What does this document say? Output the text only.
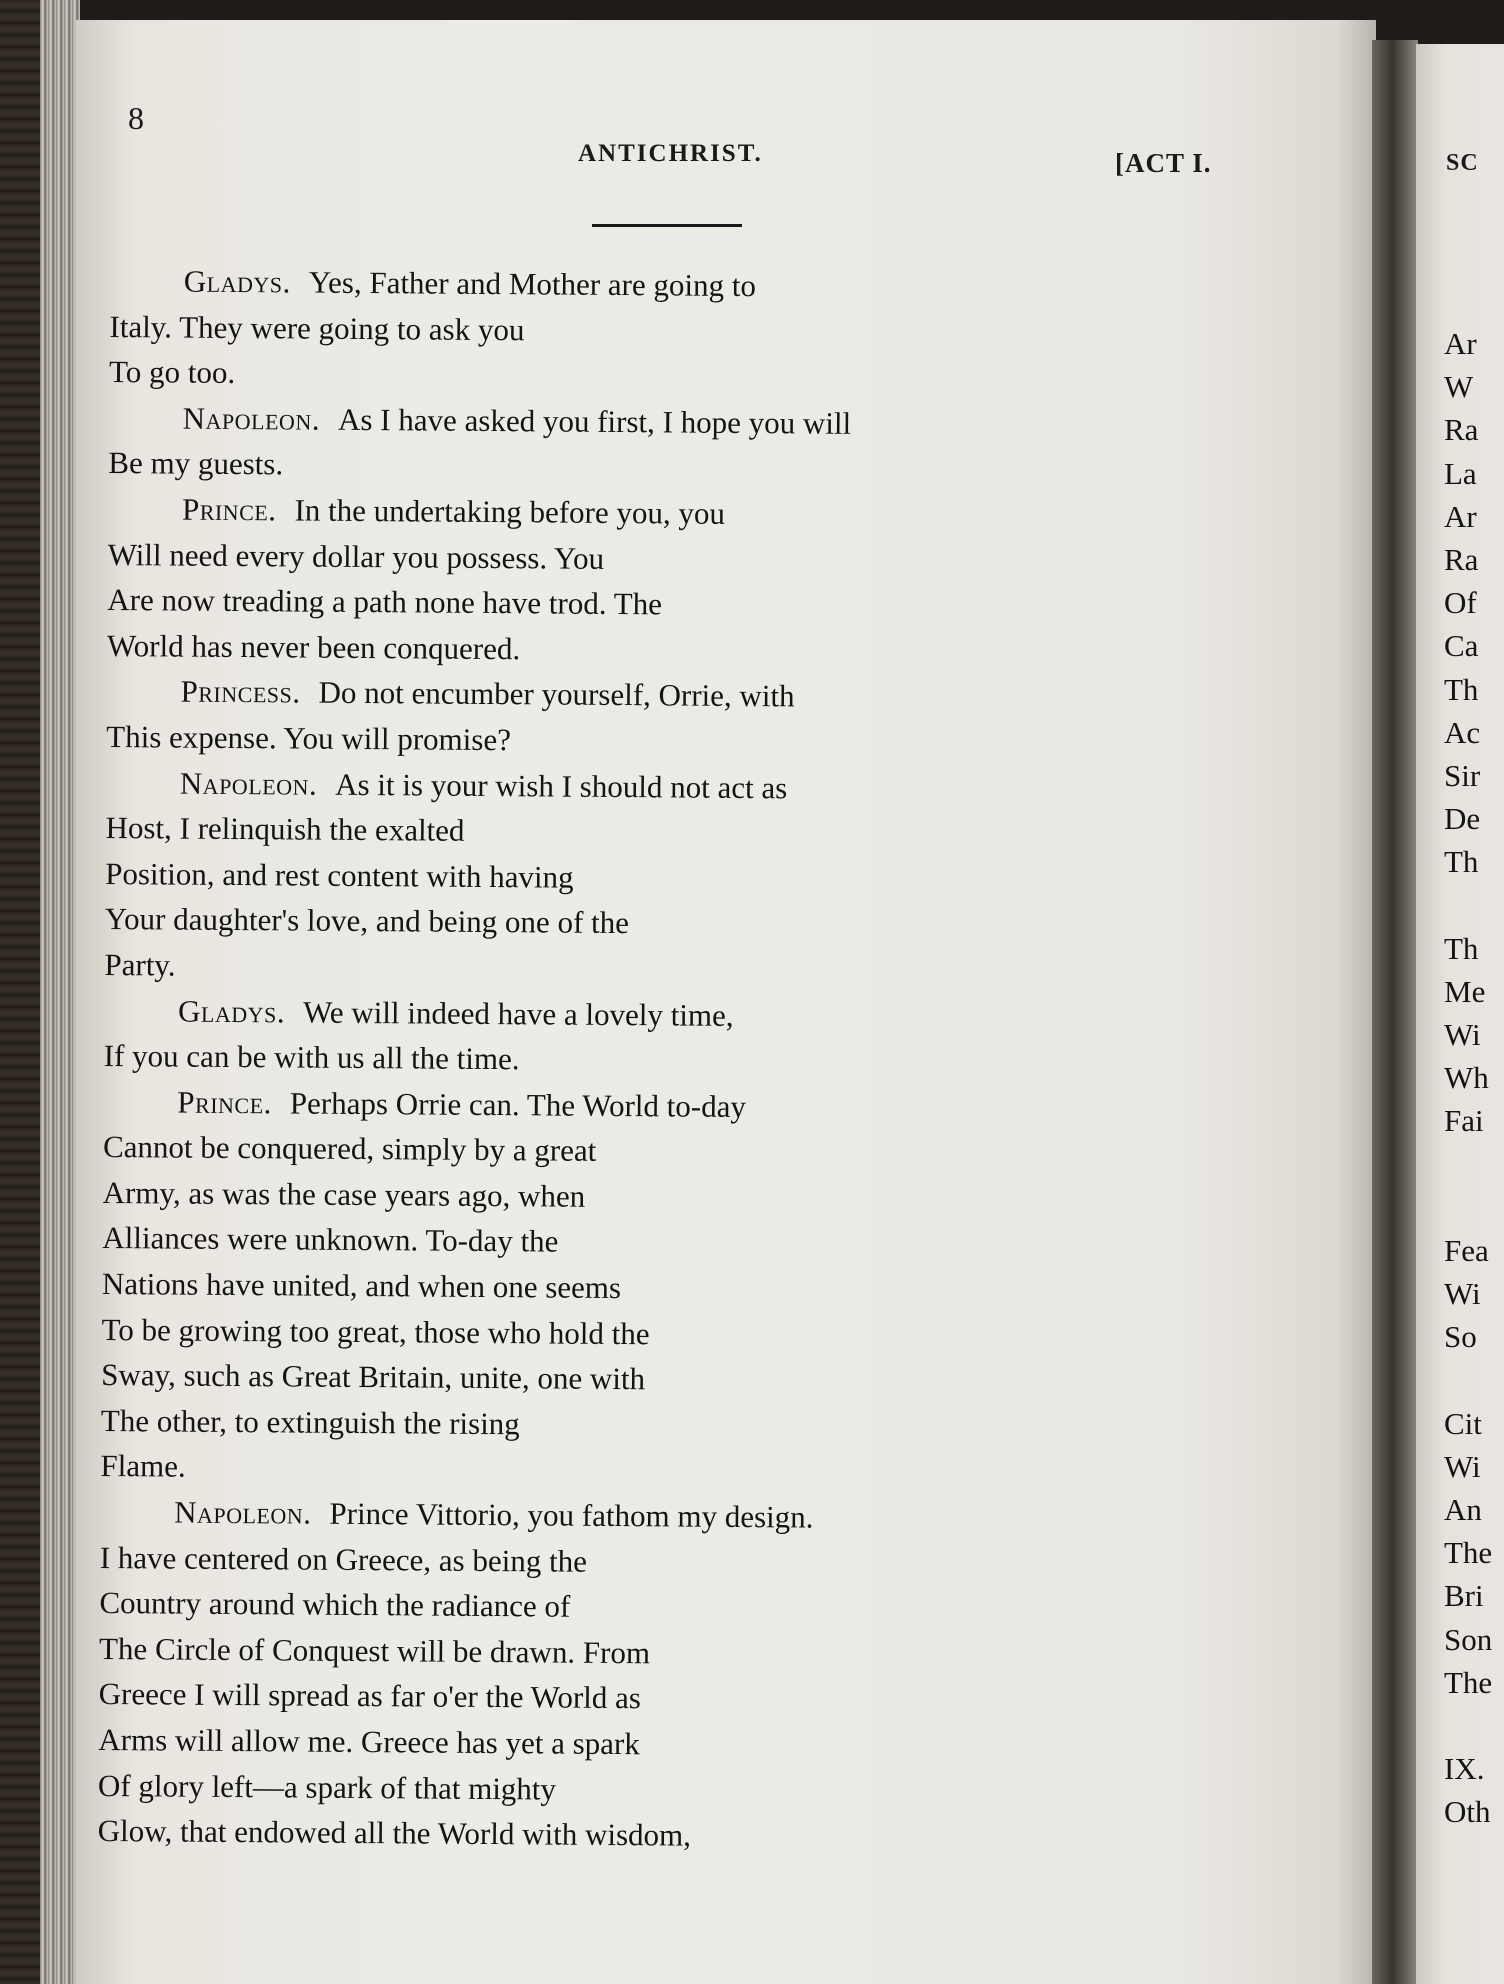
8
ANTICHRIST.	[ACT I.
Gladys. Yes, Father and Mother are going to
Italy. They were going to ask you
To go too.
Napoleon. As I have asked you first, I hope you will
Be my guests.
Prince. In the undertaking before you, you
Will need every dollar you possess. You
Are now treading a path none have trod. The
World has never been conquered.
Princess. Do not encumber yourself, Orrie, with
This expense. You will promise?
Napoleon. As it is your wish I should not act as
Host, I relinquish the exalted
Position, and rest content with having
Your daughter's love, and being one of the
Party.
Gladys. We will indeed have a lovely time,
If you can be with us all the time.
Prince. Perhaps Orrie can. The World to-day
Cannot be conquered, simply by a great
Army, as was the case years ago, when
Alliances were unknown. To-day the
Nations have united, and when one seems
To be growing too great, those who hold the
Sway, such as Great Britain, unite, one with
The other, to extinguish the rising
Flame.
Napoleon. Prince Vittorio, you fathom my design.
I have centered on Greece, as being the
Country around which the radiance of
The Circle of Conquest will be drawn. From
Greece I will spread as far o'er the World as
Arms will allow me. Greece has yet a spark
Of glory left—a spark of that mighty
Glow, that endowed all the World with wisdom,
SC
Ar
W
Ra
La
Ar
Ra
Of
Ca
Th
Ac
Sir
De
Th
Th
Me
Wi
Wh
Fai
Fea
Wi
So
Cit
Wi
An
The
Bri
Son
The
IX.
Oth
